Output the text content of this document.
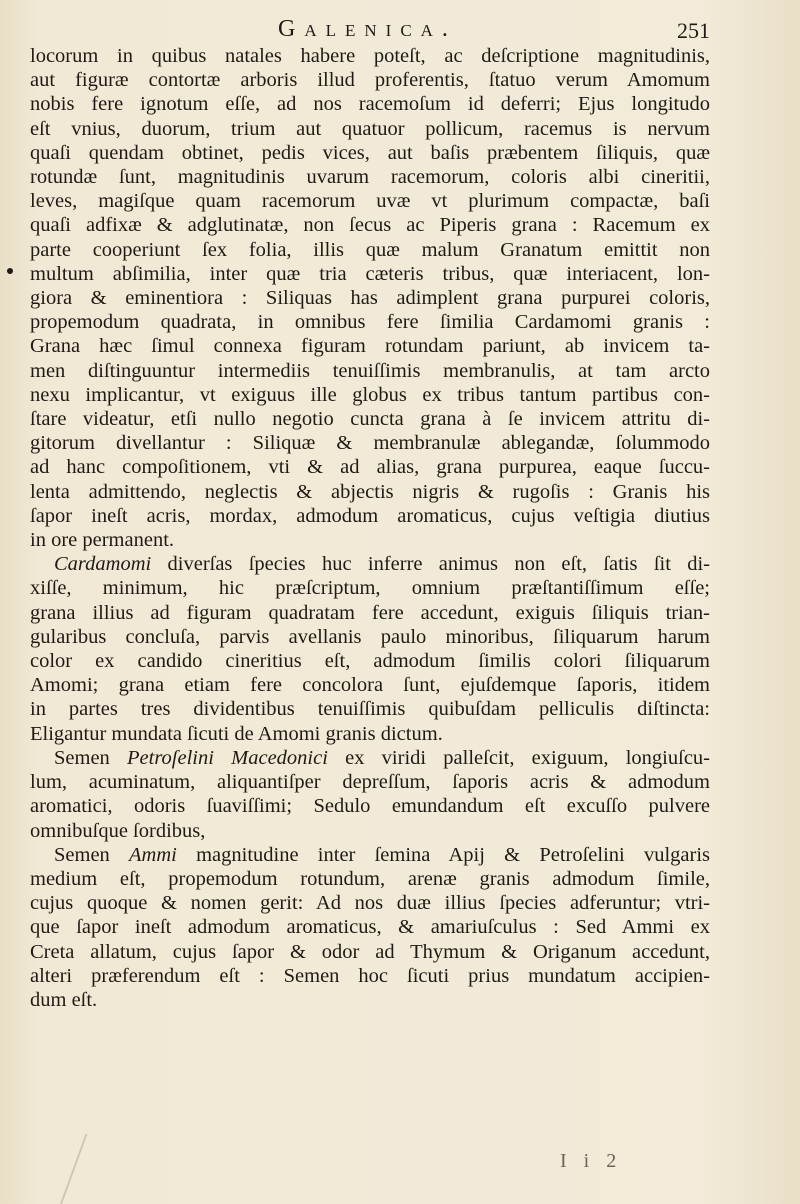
Galenica.	251
locorum in quibus natales habere poteſt, ac deſcriptione magnitudinis,
aut figuræ contortæ arboris illud proferentis, ſtatuo verum Amomum
nobis fere ignotum eſſe, ad nos racemoſum id deferri; Ejus longitudo
eſt vnius, duorum, trium aut quatuor pollicum, racemus is nervum
quaſi quendam obtinet, pedis vices, aut baſis præbentem ſiliquis, quæ
rotundæ ſunt, magnitudinis uvarum racemorum, coloris albi cineritii,
leves, magiſque quam racemorum uvæ vt plurimum compactæ, baſi
quaſi adfixæ & adglutinatæ, non ſecus ac Piperis grana : Racemum ex
parte cooperiunt ſex folia, illis quæ malum Granatum emittit non
multum abſimilia, inter quæ tria cæteris tribus, quæ interiacent, lon-
giora & eminentiora : Siliquas has adimplent grana purpurei coloris,
propemodum quadrata, in omnibus fere ſimilia Cardamomi granis :
Grana hæc ſimul connexa figuram rotundam pariunt, ab invicem ta-
men diſtinguuntur intermediis tenuiſſimis membranulis, at tam arcto
nexu implicantur, vt exiguus ille globus ex tribus tantum partibus con-
ſtare videatur, etſi nullo negotio cuncta grana à ſe invicem attritu di-
gitorum divellantur : Siliquæ & membranulæ ablegandæ, ſolummodo
ad hanc compoſitionem, vti & ad alias, grana purpurea, eaque ſuccu-
lenta admittendo, neglectis & abjectis nigris & rugoſis : Granis his
ſapor ineſt acris, mordax, admodum aromaticus, cujus veſtigia diutius
in ore permanent.
Cardamomi diverſas ſpecies huc inferre animus non eſt, ſatis ſit di-
xiſſe, minimum, hic præſcriptum, omnium præſtantiſſimum eſſe;
grana illius ad figuram quadratam fere accedunt, exiguis ſiliquis trian-
gularibus concluſa, parvis avellanis paulo minoribus, ſiliquarum harum
color ex candido cineritius eſt, admodum ſimilis colori ſiliquarum
Amomi; grana etiam fere concolora ſunt, ejuſdemque ſaporis, itidem
in partes tres dividentibus tenuiſſimis quibuſdam pelliculis diſtincta:
Eligantur mundata ſicuti de Amomi granis dictum.
Semen Petroſelini Macedonici ex viridi palleſcit, exiguum, longiuſcu-
lum, acuminatum, aliquantiſper depreſſum, ſaporis acris & admodum
aromatici, odoris ſuaviſſimi; Sedulo emundandum eſt excuſſo pulvere
omnibuſque ſordibus,
Semen Ammi magnitudine inter ſemina Apij & Petroſelini vulgaris
medium eſt, propemodum rotundum, arenæ granis admodum ſimile,
cujus quoque & nomen gerit: Ad nos duæ illius ſpecies adferuntur; vtri-
que ſapor ineſt admodum aromaticus, & amariuſculus : Sed Ammi ex
Creta allatum, cujus ſapor & odor ad Thymum & Origanum accedunt,
alteri præferendum eſt : Semen hoc ſicuti prius mundatum accipien-
dum eſt.
I i 2
